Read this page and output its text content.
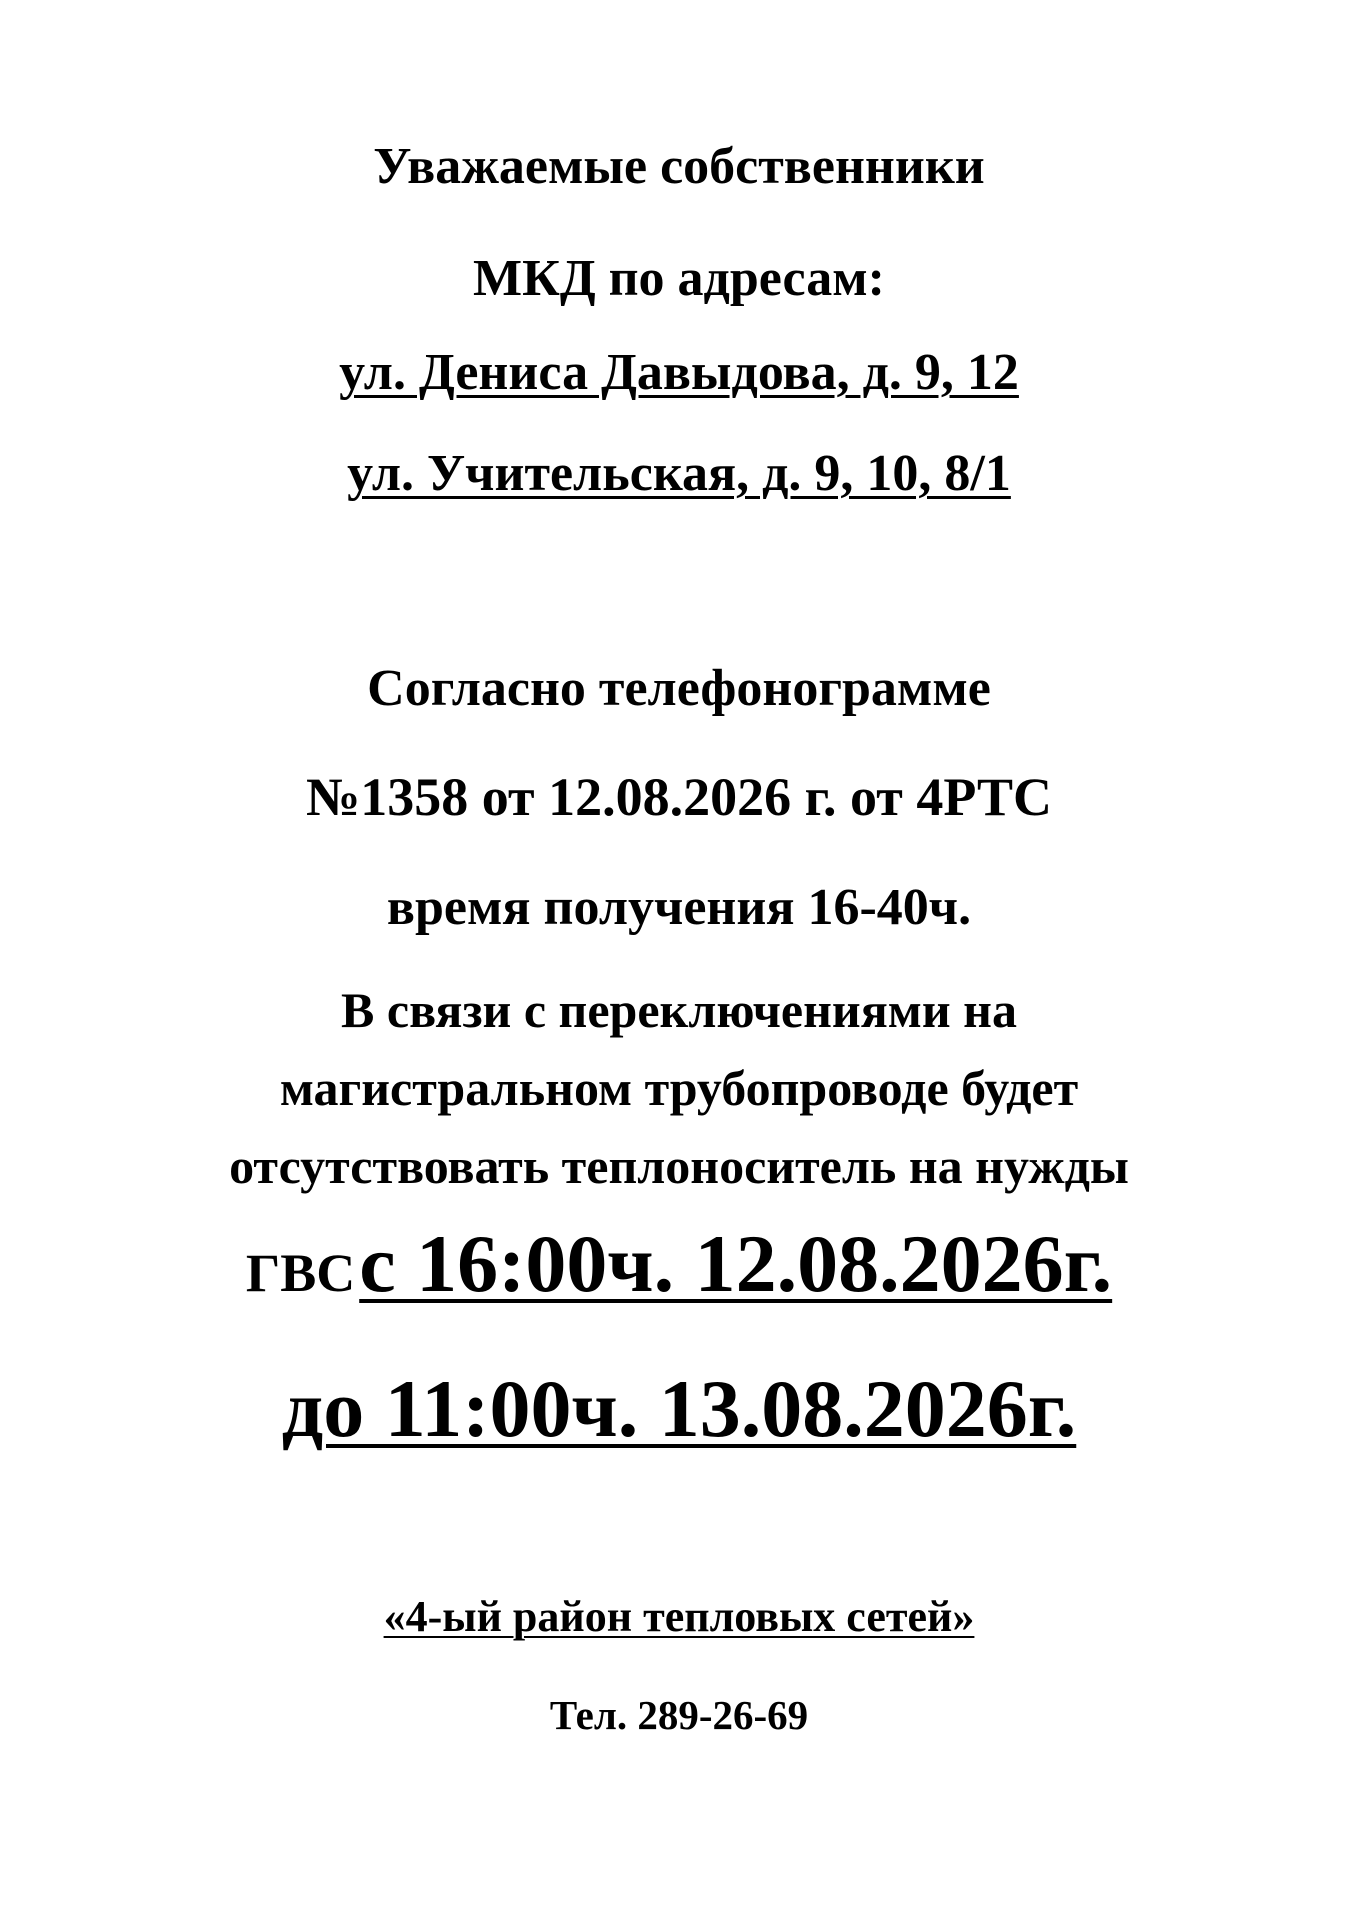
Уважаемые собственники
МКД по адресам:
ул. Дениса Давыдова, д. 9, 12
ул. Учительская, д. 9, 10, 8/1
Согласно телефонограмме
№1358 от 12.08.2026 г. от 4РТС
время получения 16-40ч.
В связи с переключениями на
магистральном трубопроводе будет
отсутствовать теплоноситель на нужды
ГВС с 16:00ч. 12.08.2026г.
до 11:00ч. 13.08.2026г.
«4-ый район тепловых сетей»
Тел. 289-26-69
